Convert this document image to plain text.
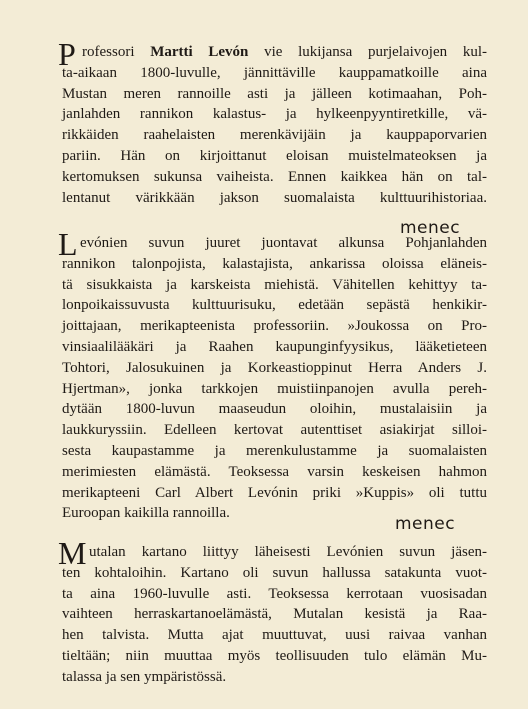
P rofessori Martti Levón vie lukijansa purjelaivojen kul-
ta-aikaan 1800-luvulle, jännittäville kauppamatkoille aina
Mustan meren rannoille asti ja jälleen kotimaahan, Poh-
janlahden rannikon kalastus- ja hylkeenpyyntiretkille, vä-
rikkäiden raahelaisten merenkävijäin ja kauppaporvarien
pariin. Hän on kirjoittanut eloisan muistelmateoksen ja
kertomuksen sukunsa vaiheista. Ennen kaikkea hän on tal-
lentanut värikkään jakson suomalaista kulttuurihistoriaa.
menec
L evónien suvun juuret juontavat alkunsa Pohjanlahden
rannikon talonpojista, kalastajista, ankarissa oloissa eläneis-
tä sisukkaista ja karskeista miehistä. Vähitellen kehittyy ta-
lonpoikaissuvusta kulttuurisuku, edetään sepästä henkikir-
joittajaan, merikapteenista professoriin. »Joukossa on Pro-
vinsiaalilääkäri ja Raahen kaupunginfyysikus, lääketieteen
Tohtori, Jalosukuinen ja Korkeastioppinut Herra Anders J.
Hjertman», jonka tarkkojen muistiinpanojen avulla pereh-
dytään 1800-luvun maaseudun oloihin, mustalaisiin ja
laukkuryssiin. Edelleen kertovat autenttiset asiakirjat silloi-
sesta kaupastamme ja merenkulustamme ja suomalaisten
merimiesten elämästä. Teoksessa varsin keskeisen hahmon
merikapteeni Carl Albert Levónin priki »Kuppis» oli tuttu
Euroopan kaikilla rannoilla.
menec
M utalan kartano liittyy läheisesti Levónien suvun jäsen-
ten kohtaloihin. Kartano oli suvun hallussa satakunta vuot-
ta aina 1960-luvulle asti. Teoksessa kerrotaan vuosisadan
vaihteen herraskartanoelämästä, Mutalan kesistä ja Raa-
hen talvista. Mutta ajat muuttuvat, uusi raivaa vanhan
tieltään; niin muuttaa myös teollisuuden tulo elämän Mu-
talassa ja sen ympäristössä.
